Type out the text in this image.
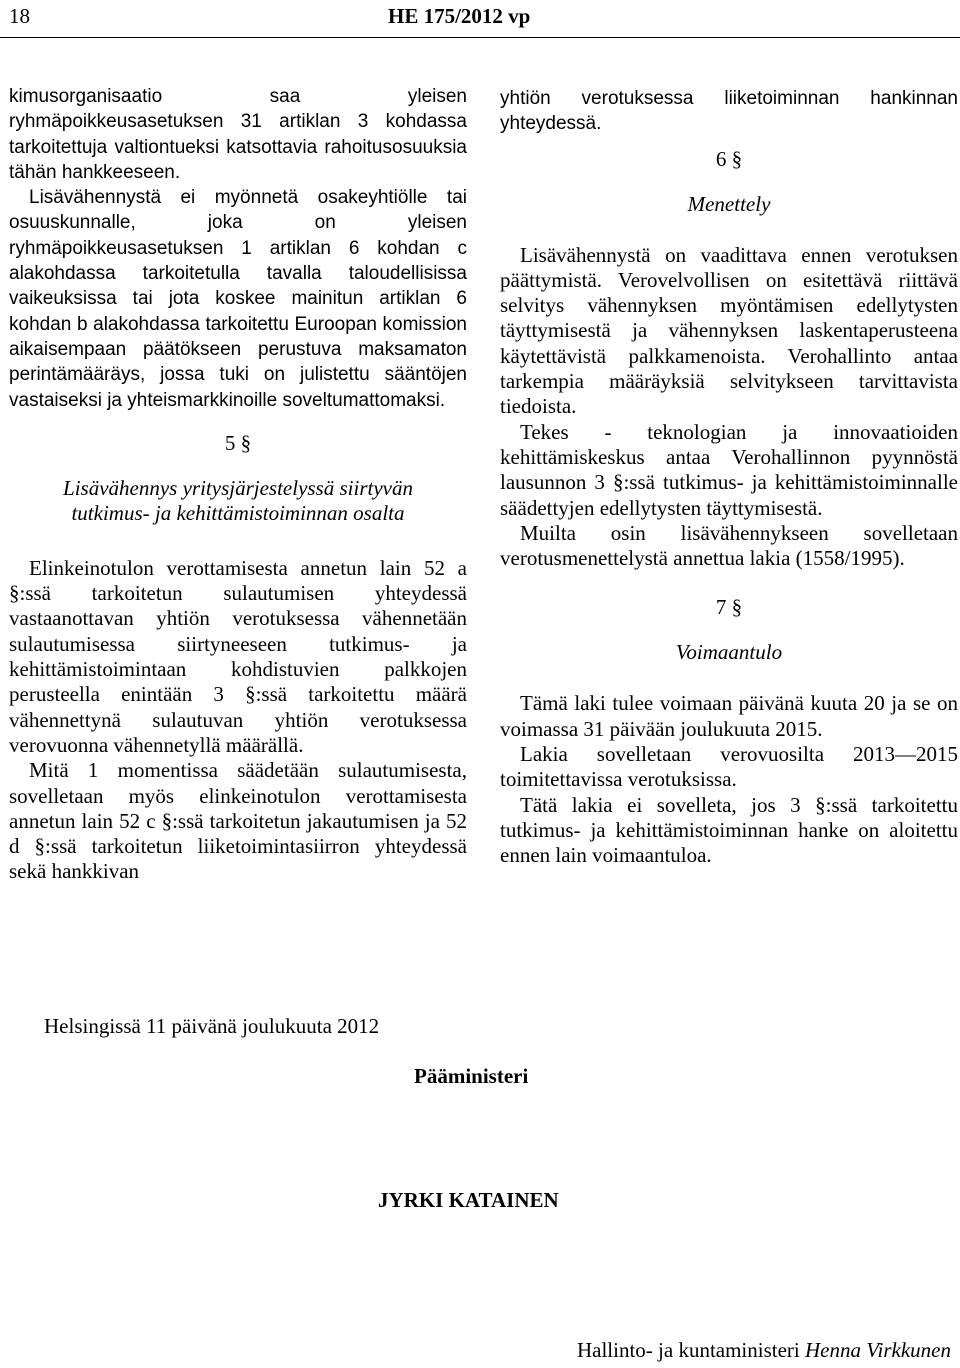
18	HE 175/2012 vp

kimusorganisaatio saa yleisen ryhmäpoikkeusasetuksen 31 artiklan 3 kohdassa tarkoitettuja valtiontueksi katsottavia rahoitusosuuksia tähän hankkeeseen.

Lisävähennystä ei myönnetä osakeyhtiölle tai osuuskunnalle, joka on yleisen ryhmäpoikkeusasetuksen 1 artiklan 6 kohdan c alakohdassa tarkoitetulla tavalla taloudellisissa vaikeuksissa tai jota koskee mainitun artiklan 6 kohdan b alakohdassa tarkoitettu Euroopan komission aikaisempaan päätökseen perustuva maksamaton perintämääräys, jossa tuki on julistettu sääntöjen vastaiseksi ja yhteismarkkinoille soveltumattomaksi.

5 §
Lisävähennys yritysjärjestelyssä siirtyvän
tutkimus- ja kehittämistoiminnan osalta

Elinkeinotulon verottamisesta annetun lain 52 a §:ssä tarkoitetun sulautumisen yhteydessä vastaanottavan yhtiön verotuksessa vähennetään sulautumisessa siirtyneeseen tutkimus- ja kehittämistoimintaan kohdistuvien palkkojen perusteella enintään 3 §:ssä tarkoitettu määrä vähennettynä sulautuvan yhtiön verotuksessa verovuonna vähennetyllä määrällä.

Mitä 1 momentissa säädetään sulautumisesta, sovelletaan myös elinkeinotulon verottamisesta annetun lain 52 c §:ssä tarkoitetun jakautumisen ja 52 d §:ssä tarkoitetun liiketoimintasiirron yhteydessä sekä hankkivan

yhtiön verotuksessa liiketoiminnan hankinnan yhteydessä.

6 §
Menettely

Lisävähennystä on vaadittava ennen verotuksen päättymistä. Verovelvollisen on esitettävä riittävä selvitys vähennyksen myöntämisen edellytysten täyttymisestä ja vähennyksen laskentaperusteena käytettävistä palkkamenoista. Verohallinto antaa tarkempia määräyksiä selvitykseen tarvittavista tiedoista.

Tekes - teknologian ja innovaatioiden kehittämiskeskus antaa Verohallinnon pyynnöstä lausunnon 3 §:ssä tutkimus- ja kehittämistoiminnalle säädettyjen edellytysten täyttymisestä.

Muilta osin lisävähennykseen sovelletaan verotusmenettelystä annettua lakia (1558/1995).

7 §
Voimaantulo

Tämä laki tulee voimaan päivänä kuuta 20 ja se on voimassa 31 päivään joulukuuta 2015.

Lakia sovelletaan verovuosilta 2013—2015 toimitettavissa verotuksissa.

Tätä lakia ei sovelleta, jos 3 §:ssä tarkoitettu tutkimus- ja kehittämistoiminnan hanke on aloitettu ennen lain voimaantuloa.

Helsingissä 11 päivänä joulukuuta 2012
Pääministeri
JYRKI KATAINEN
Hallinto- ja kuntaministeri Henna Virkkunen
